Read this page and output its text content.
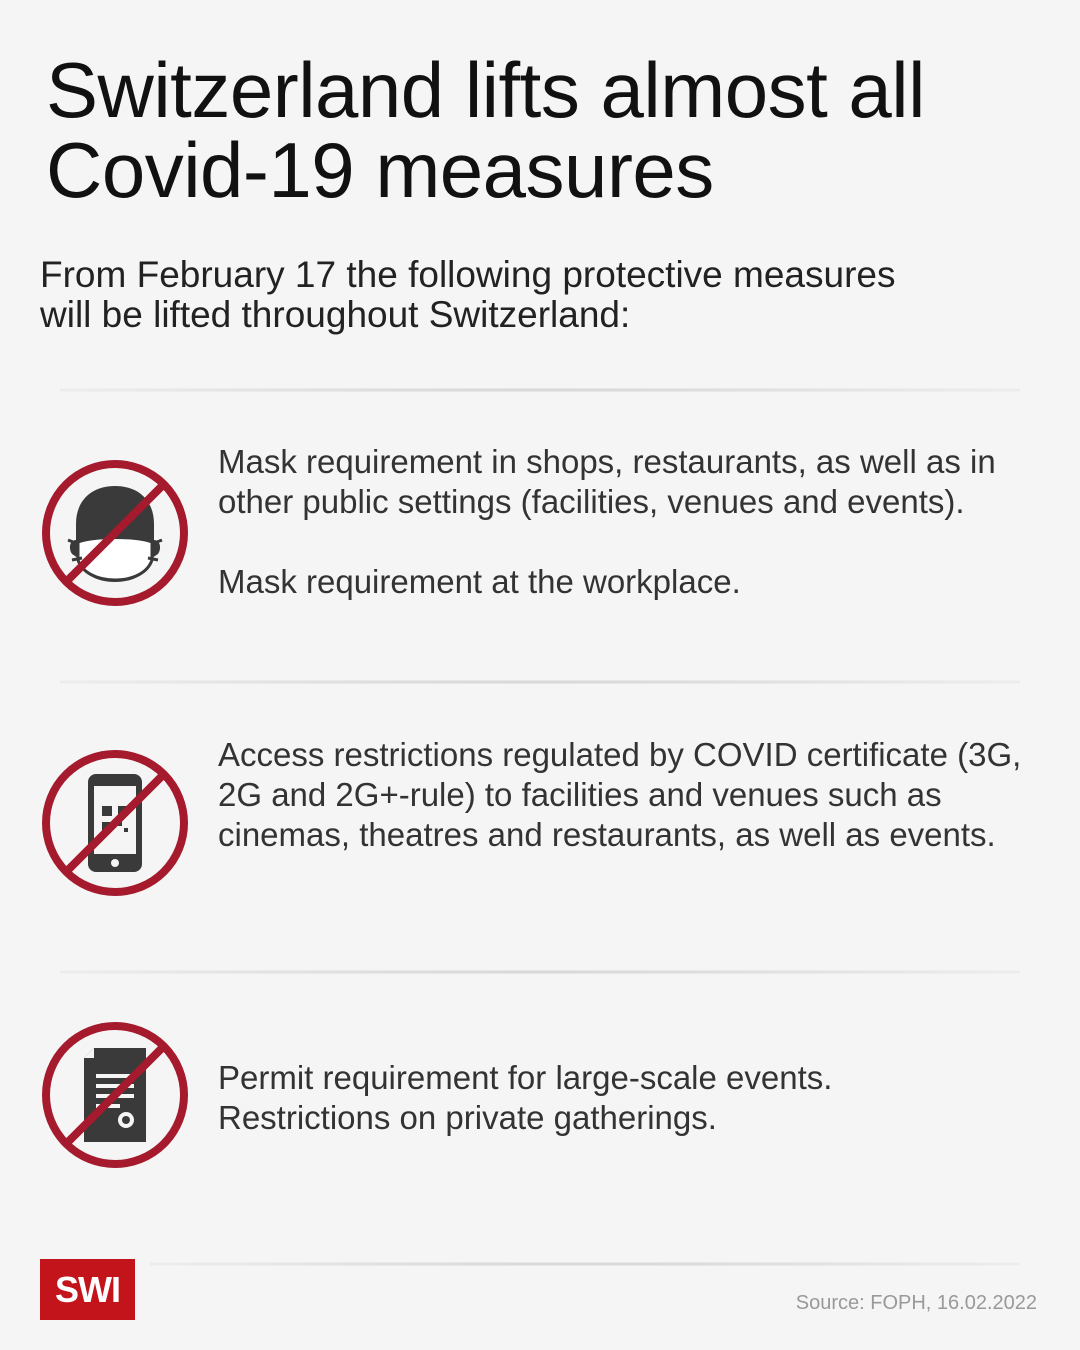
Switzerland lifts almost all
Covid-19 measures
From February 17 the following protective measures
will be lifted throughout Switzerland:

Mask requirement in shops, restaurants, as well as in other public settings (facilities, venues and events).

Mask requirement at the workplace.

Access restrictions regulated by COVID certificate (3G, 2G and 2G+-rule) to facilities and venues such as cinemas, theatres and restaurants, as well as events.

Permit requirement for large-scale events.

Restrictions on private gatherings.

SWI	Source: FOPH, 16.02.2022
